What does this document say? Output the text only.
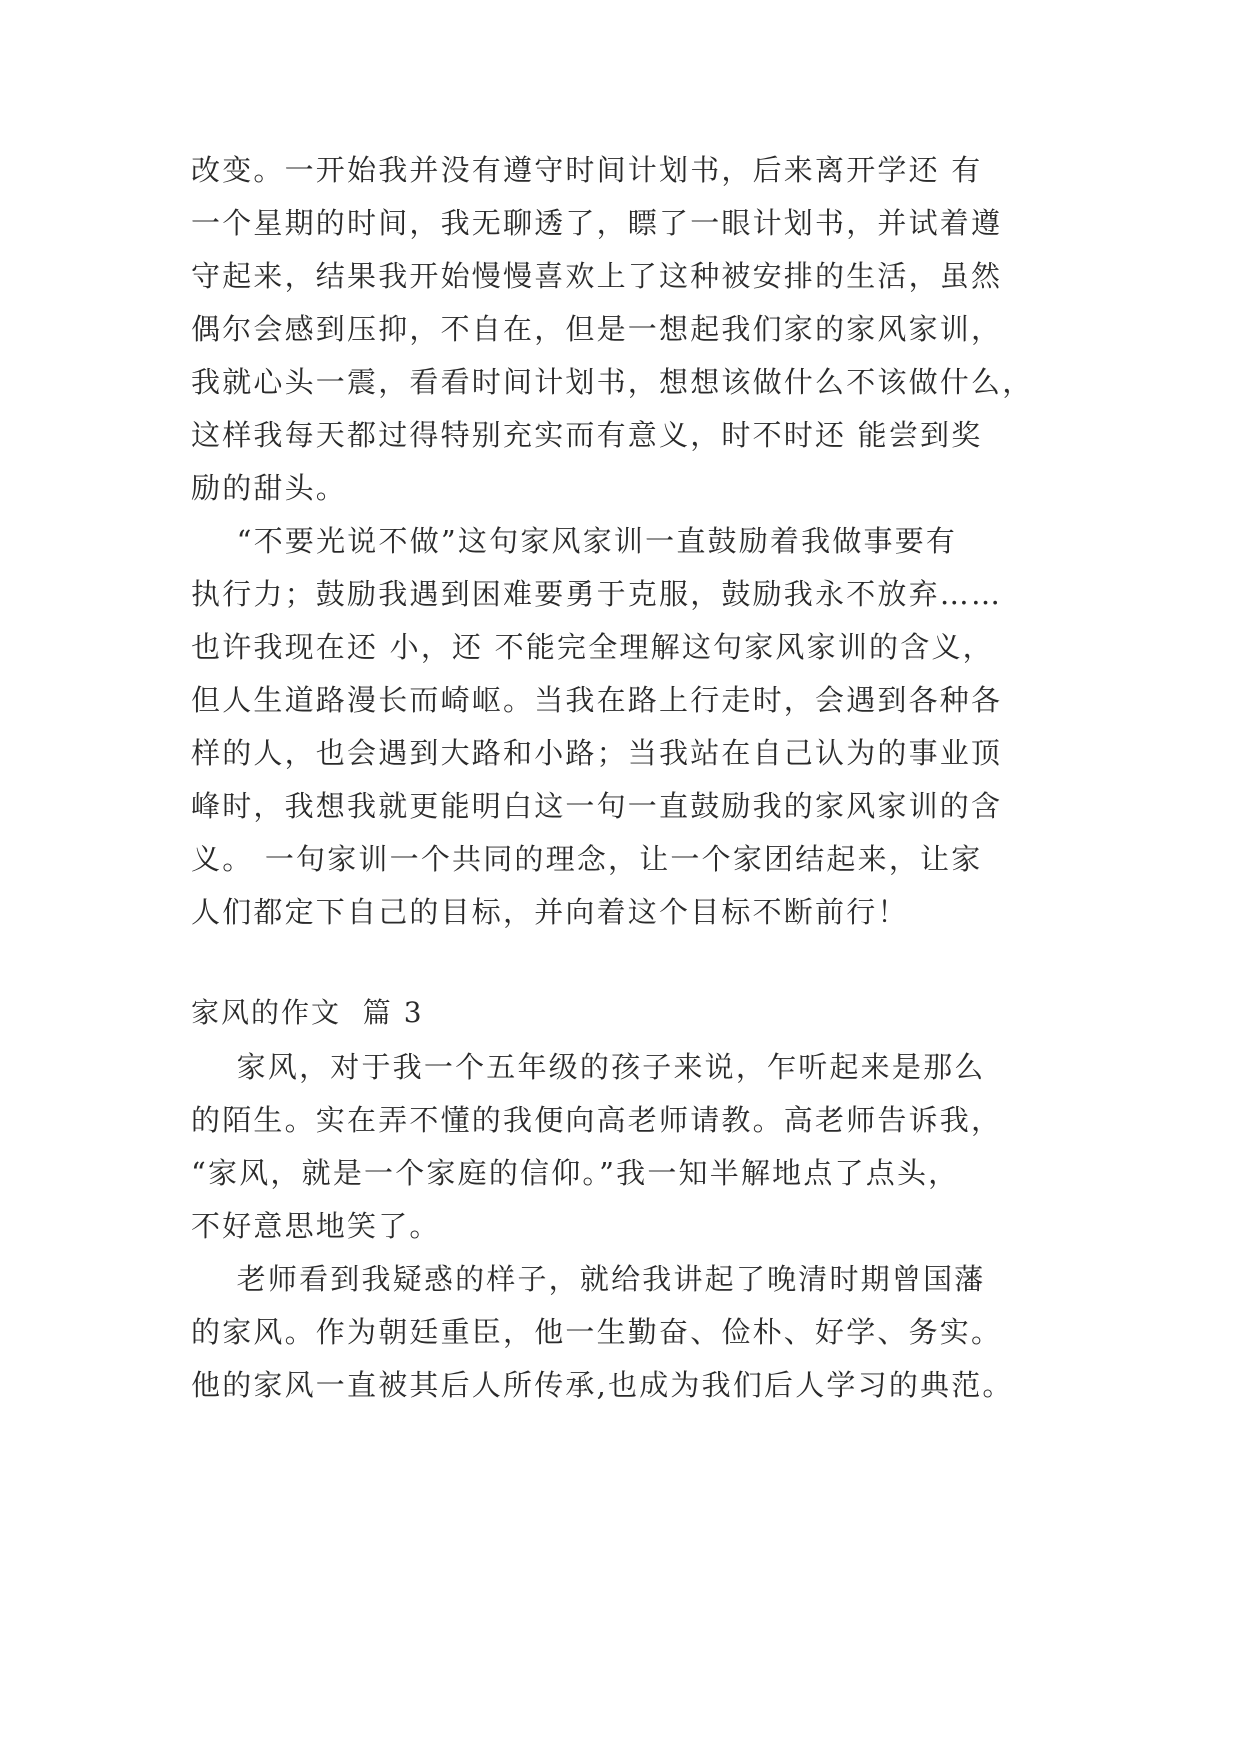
改变。一开始我并没有遵守时间计划书，后来离开学还 有
一个星期的时间，我无聊透了，瞟了一眼计划书，并试着遵
守起来，结果我开始慢慢喜欢上了这种被安排的生活，虽然
偶尔会感到压抑，不自在，但是一想起我们家的家风家训，
我就心头一震，看看时间计划书，想想该做什么不该做什么，
这样我每天都过得特别充实而有意义，时不时还 能尝到奖
励的甜头。
“不要光说不做”这句家风家训一直鼓励着我做事要有
执行力；鼓励我遇到困难要勇于克服，鼓励我永不放弃……
也许我现在还 小，还 不能完全理解这句家风家训的含义，
但人生道路漫长而崎岖。当我在路上行走时，会遇到各种各
样的人，也会遇到大路和小路；当我站在自己认为的事业顶
峰时，我想我就更能明白这一句一直鼓励我的家风家训的含
义。 一句家训一个共同的理念，让一个家团结起来，让家
人们都定下自己的目标，并向着这个目标不断前行！
家风的作文  篇 3
家风，对于我一个五年级的孩子来说，乍听起来是那么
的陌生。实在弄不懂的我便向高老师请教。高老师告诉我，
“家风，就是一个家庭的信仰。”我一知半解地点了点头，
不好意思地笑了。
老师看到我疑惑的样子，就给我讲起了晚清时期曾国藩
的家风。作为朝廷重臣，他一生勤奋、俭朴、好学、务实。
他的家风一直被其后人所传承,也成为我们后人学习的典范。
